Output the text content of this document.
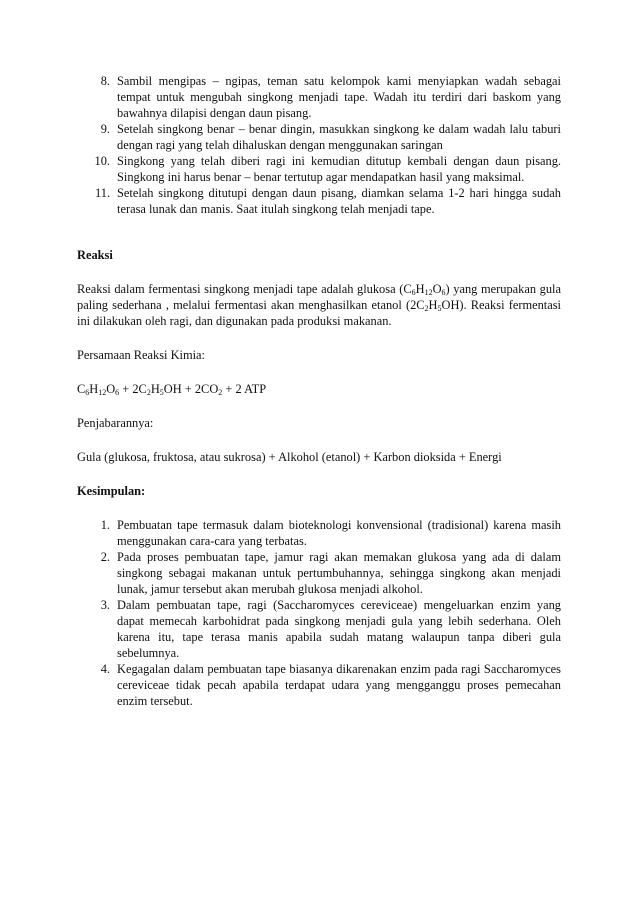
8. Sambil mengipas – ngipas, teman satu kelompok kami menyiapkan wadah sebagai tempat untuk mengubah singkong menjadi tape. Wadah itu terdiri dari baskom yang bawahnya dilapisi dengan daun pisang.
9. Setelah singkong benar – benar dingin, masukkan singkong ke dalam wadah lalu taburi dengan ragi yang telah dihaluskan dengan menggunakan saringan
10. Singkong yang telah diberi ragi ini kemudian ditutup kembali dengan daun pisang. Singkong ini harus benar – benar tertutup agar mendapatkan hasil yang maksimal.
11. Setelah singkong ditutupi dengan daun pisang, diamkan selama 1-2 hari hingga sudah terasa lunak dan manis. Saat itulah singkong telah menjadi tape.

Reaksi

Reaksi dalam fermentasi singkong menjadi tape adalah glukosa $(C_6H_{12}O_6)$ yang merupakan gula paling sederhana , melalui fermentasi akan menghasilkan etanol $(2C_2H_5OH)$. Reaksi fermentasi ini dilakukan oleh ragi, dan digunakan pada produksi makanan.

Persamaan Reaksi Kimia:

$C_6H_{12}O_6 + 2C_2H_5OH + 2CO_2 + 2$ ATP

Penjabarannya:

Gula (glukosa, fruktosa, atau sukrosa) + Alkohol (etanol) + Karbon dioksida + Energi

Kesimpulan:

1. Pembuatan tape termasuk dalam bioteknologi konvensional (tradisional) karena masih menggunakan cara-cara yang terbatas.
2. Pada proses pembuatan tape, jamur ragi akan memakan glukosa yang ada di dalam singkong sebagai makanan untuk pertumbuhannya, sehingga singkong akan menjadi lunak, jamur tersebut akan merubah glukosa menjadi alkohol.
3. Dalam pembuatan tape, ragi (Saccharomyces cereviceae) mengeluarkan enzim yang dapat memecah karbohidrat pada singkong menjadi gula yang lebih sederhana. Oleh karena itu, tape terasa manis apabila sudah matang walaupun tanpa diberi gula sebelumnya.
4. Kegagalan dalam pembuatan tape biasanya dikarenakan enzim pada ragi Saccharomyces cereviceae tidak pecah apabila terdapat udara yang mengganggu proses pemecahan enzim tersebut.
